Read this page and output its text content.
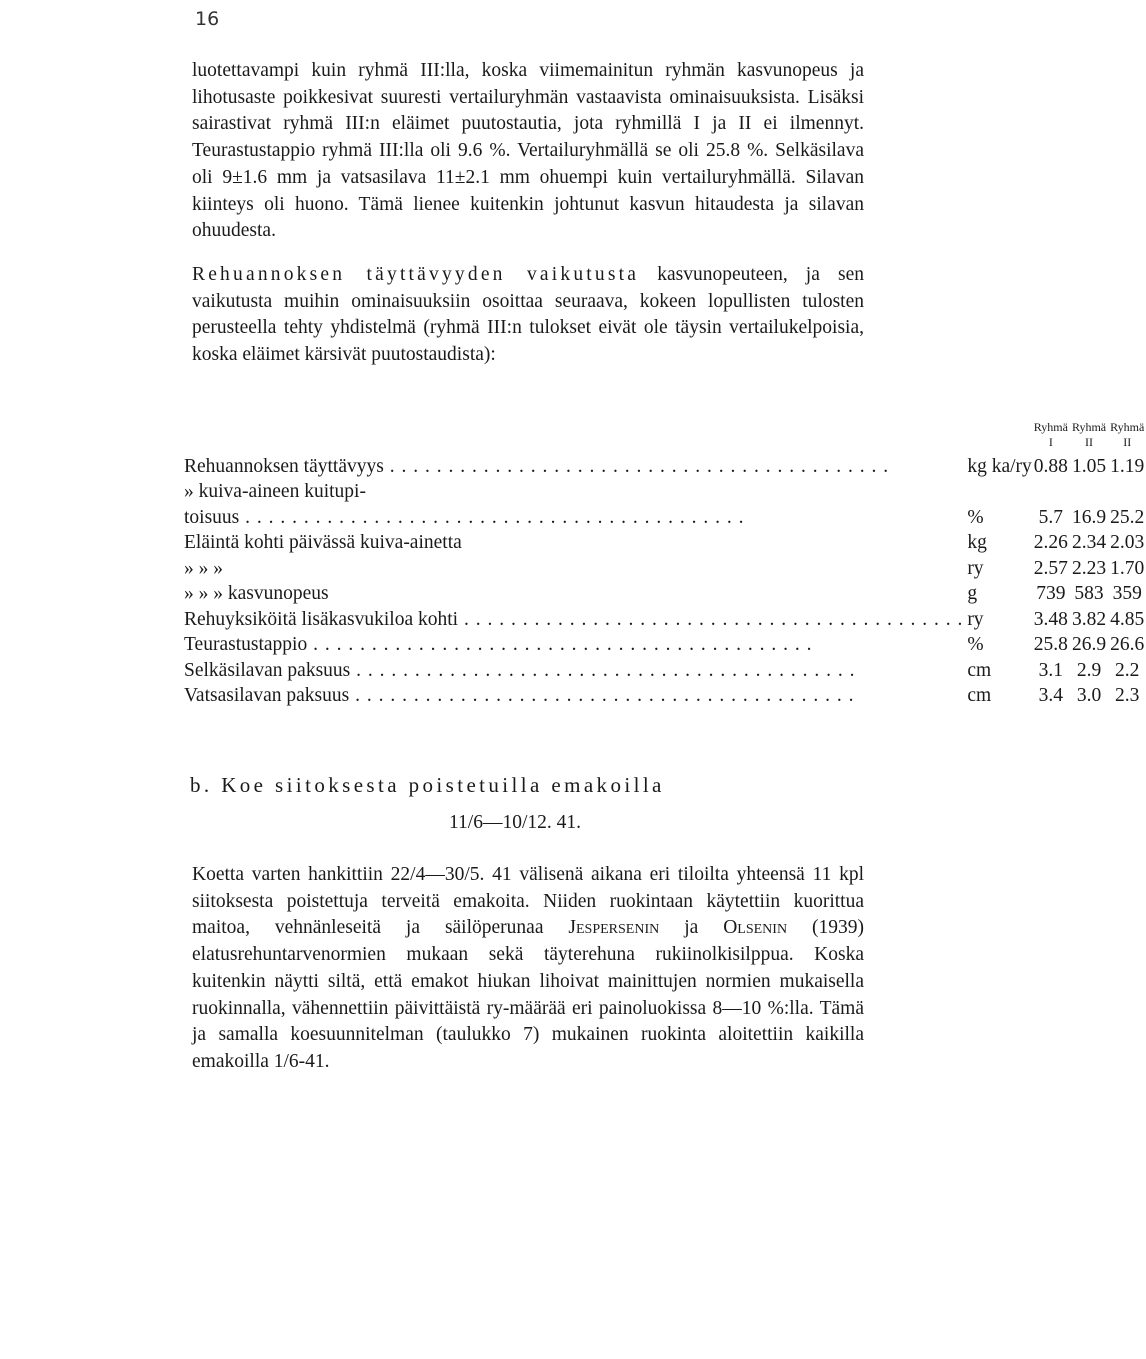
16

luotettavampi kuin ryhmä III:lla, koska viimemainitun ryhmän kasvunopeus ja lihotusaste poikkesivat suuresti vertailuryhmän vastaavista ominaisuuksista. Lisäksi sairastivat ryhmä III:n eläimet puutostautia, jota ryhmillä I ja II ei ilmennyt. Teurastustappio ryhmä III:lla oli 9.6 %. Vertailuryhmällä se oli 25.8 %. Selkäsilava oli 9±1.6 mm ja vatsasilava 11±2.1 mm ohuempi kuin vertailuryhmällä. Silavan kiinteys oli huono. Tämä lienee kuitenkin johtunut kasvun hitaudesta ja silavan ohuudesta.

Rehuannoksen täyttävyyden vaikutusta kasvunopeuteen, ja sen vaikutusta muihin ominaisuuksiin osoittaa seuraava, kokeen lopullisten tulosten perusteella tehty yhdistelmä (ryhmä III:n tulokset eivät ole täysin vertailukelpoisia, koska eläimet kärsivät puutostaudista):

		Ryhmä I	Ryhmä II	Ryhmä II
Rehuannoksen täyttävyys . . .	kg ka/ry	0.88	1.05	1.19
» kuiva-aineen kuitupi-				
toisuus . . .	%	5.7	16.9	25.2
Eläintä kohti päivässä kuiva-ainetta	kg	2.26	2.34	2.03
» » »	ry	2.57	2.23	1.70
» » » kasvunopeus	g	739	583	359
Rehuyksiköitä lisäkasvukiloa kohti . . .	ry	3.48	3.82	4.85
Teurastustappio . . .	%	25.8	26.9	26.6
Selkäsilavan paksuus . . .	cm	3.1	2.9	2.2
Vatsasilavan paksuus . . .	cm	3.4	3.0	2.3

b. Koe siitoksesta poistetuilla emakoilla

11/6—10/12. 41.

Koetta varten hankittiin 22/4—30/5. 41 välisenä aikana eri tiloilta yhteensä 11 kpl siitoksesta poistettuja terveitä emakoita. Niiden ruokintaan käytettiin kuorittua maitoa, vehnänleseitä ja säilöperunaa Jespersenin ja Olsenin (1939) elatusrehuntarvenormien mukaan sekä täyterehuna rukiinolkisilppua. Koska kuitenkin näytti siltä, että emakot hiukan lihoivat mainittujen normien mukaisella ruokinnalla, vähennettiin päivittäistä ry-määrää eri painoluokissa 8—10 %:lla. Tämä ja samalla koesuunnitelman (taulukko 7) mukainen ruokinta aloitettiin kaikilla emakoilla 1/6-41.
